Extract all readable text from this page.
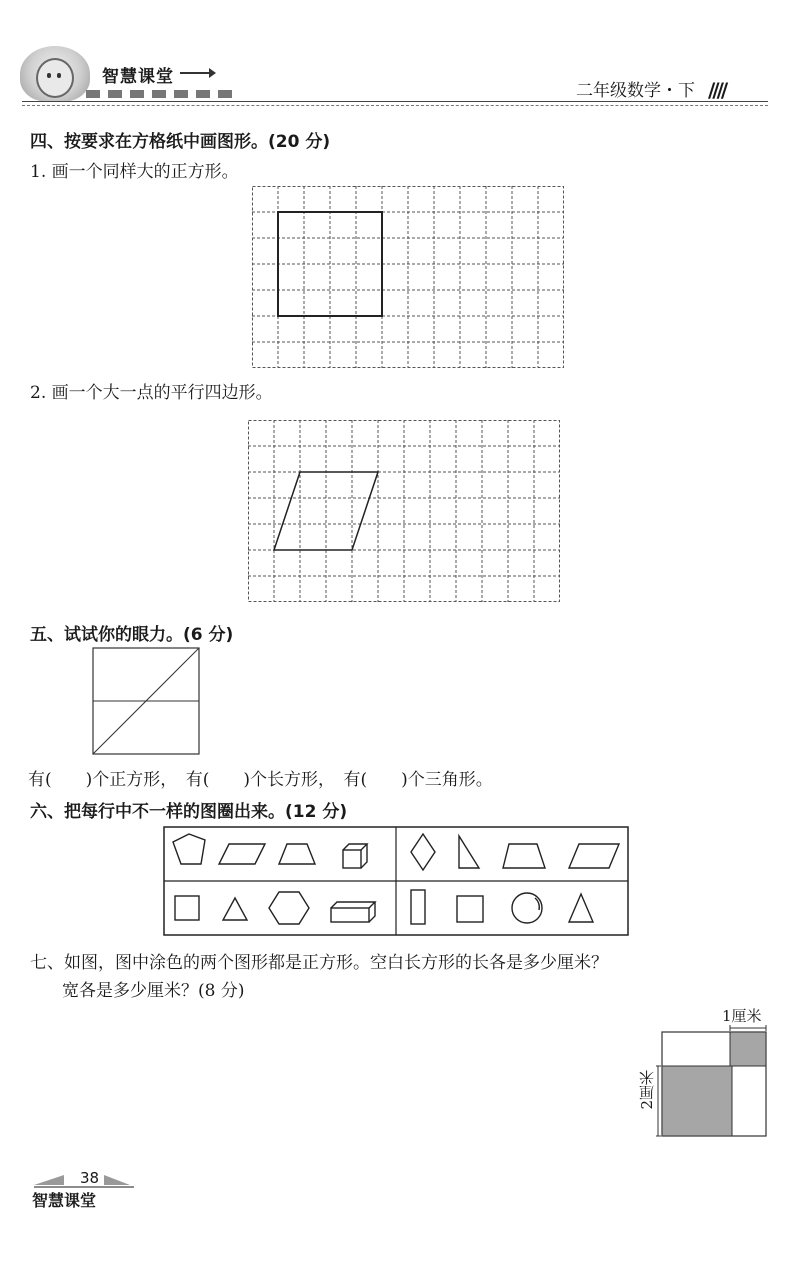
智慧课堂
二年级数学・下 ////
四、按要求在方格纸中画图形。(20 分)
1. 画一个同样大的正方形。
2. 画一个大一点的平行四边形。
五、试试你的眼力。(6 分)
有(　　)个正方形，　有(　　)个长方形，　有(　　)个三角形。
六、把每行中不一样的图圈出来。(12 分)
七、如图，图中涂色的两个图形都是正方形。空白长方形的长各是多少厘米？
宽各是多少厘米？(8 分)
1厘米
2厘米
38
智慧课堂
